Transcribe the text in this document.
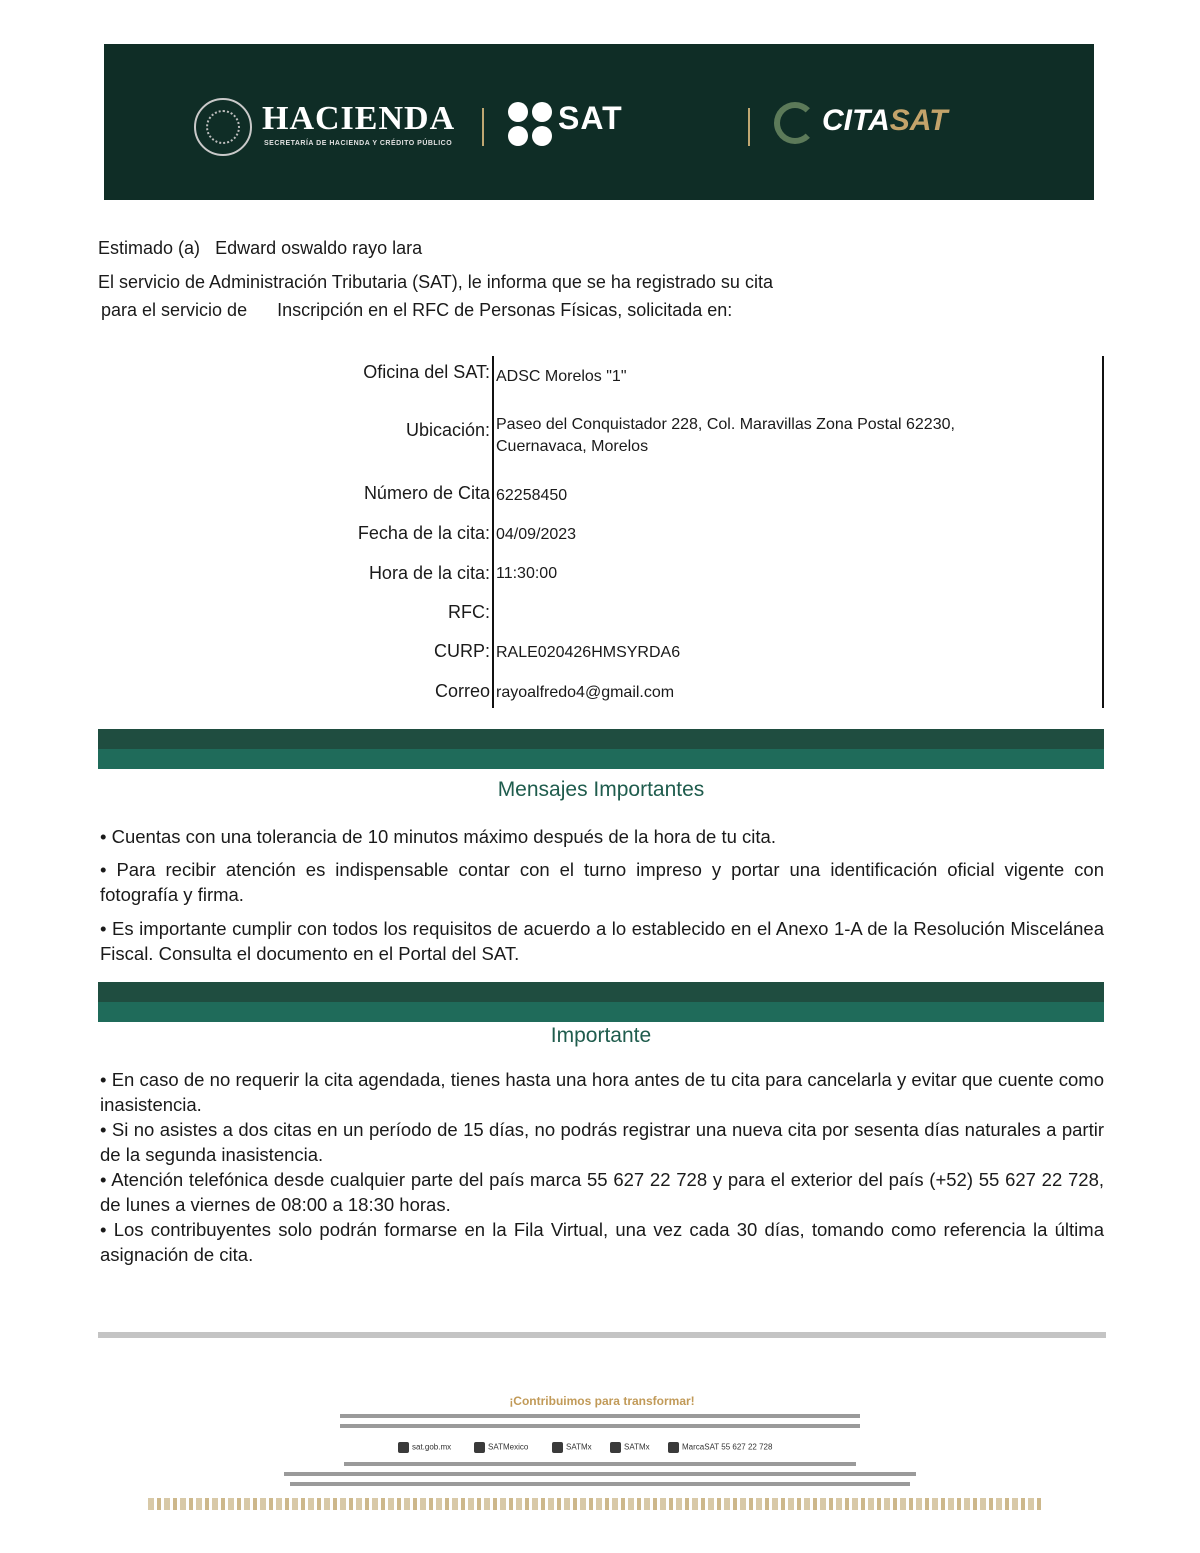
HACIENDA
SECRETARÍA DE HACIENDA Y CRÉDITO PÚBLICO
SAT	CITASAT
Estimado (a) Edward oswaldo rayo lara
El servicio de Administración Tributaria (SAT), le informa que se ha registrado su cita
para el servicio de Inscripción en el RFC de Personas Físicas, solicitada en:
Oficina del SAT: ADSC Morelos "1"
Ubicación: Paseo del Conquistador 228, Col. Maravillas Zona Postal 62230,
Cuernavaca, Morelos
Número de Cita 62258450
Fecha de la cita: 04/09/2023
Hora de la cita: 11:30:00
RFC:
CURP: RALE020426HMSYRDA6
Correo rayoalfredo4@gmail.com
Mensajes Importantes
• Cuentas con una tolerancia de 10 minutos máximo después de la hora de tu cita.
• Para recibir atención es indispensable contar con el turno impreso y portar una identificación oficial vigente con fotografía y firma.
• Es importante cumplir con todos los requisitos de acuerdo a lo establecido en el Anexo 1-A de la Resolución Miscelánea Fiscal. Consulta el documento en el Portal del SAT.
Importante
• En caso de no requerir la cita agendada, tienes hasta una hora antes de tu cita para cancelarla y evitar que cuente como inasistencia.
• Si no asistes a dos citas en un período de 15 días, no podrás registrar una nueva cita por sesenta días naturales a partir de la segunda inasistencia.
• Atención telefónica desde cualquier parte del país marca 55 627 22 728 y para el exterior del país (+52) 55 627 22 728, de lunes a viernes de 08:00 a 18:30 horas.
• Los contribuyentes solo podrán formarse en la Fila Virtual, una vez cada 30 días, tomando como referencia la última asignación de cita.
¡Contribuimos para transformar!
sat.gob.mx	SATMexico	SATMx	SATMx	MarcaSAT 55 627 22 728
